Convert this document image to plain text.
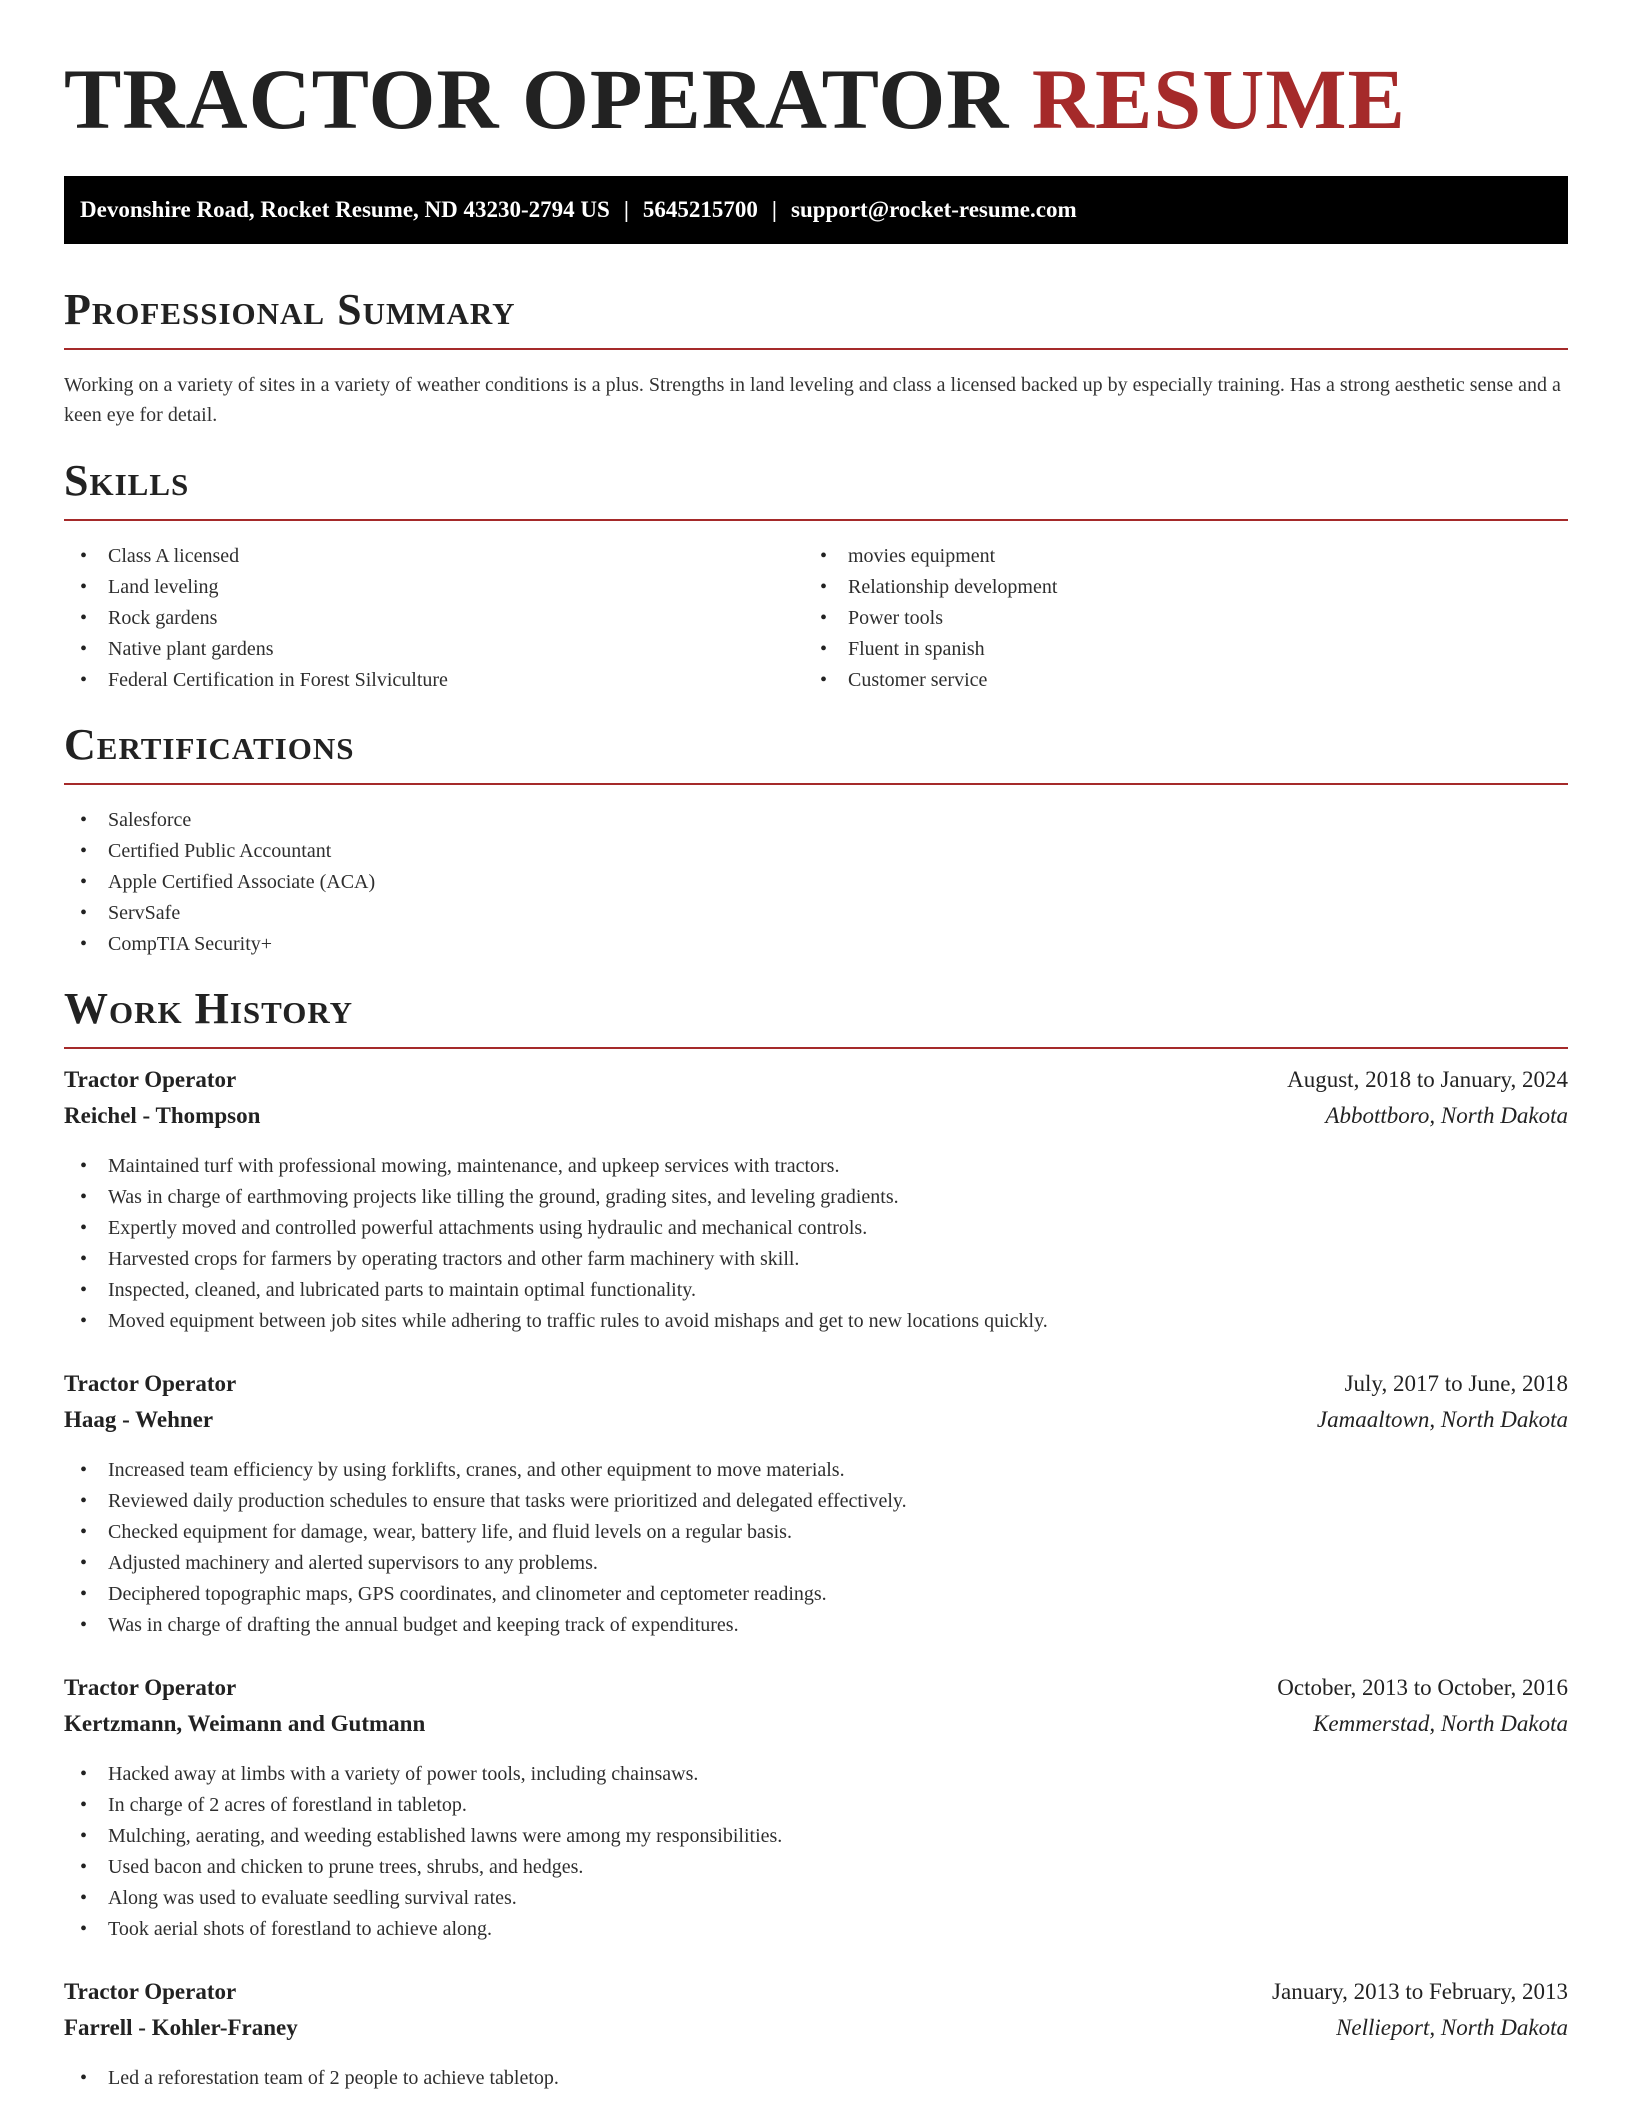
TRACTOR OPERATOR RESUME
Devonshire Road, Rocket Resume, ND 43230-2794 US | 5645215700 | support@rocket-resume.com
Professional Summary

Working on a variety of sites in a variety of weather conditions is a plus. Strengths in land leveling and class a licensed backed up by especially training. Has a strong aesthetic sense and a keen eye for detail.

Skills
• Class A licensed
• Land leveling
• Rock gardens
• Native plant gardens
• Federal Certification in Forest Silviculture
• movies equipment
• Relationship development
• Power tools
• Fluent in spanish
• Customer service
Certifications
• Salesforce
• Certified Public Accountant
• Apple Certified Associate (ACA)
• ServSafe
• CompTIA Security+
Work History
Tractor Operator	August, 2018 to January, 2024
Reichel - Thompson	Abbottboro, North Dakota
• Maintained turf with professional mowing, maintenance, and upkeep services with tractors.
• Was in charge of earthmoving projects like tilling the ground, grading sites, and leveling gradients.
• Expertly moved and controlled powerful attachments using hydraulic and mechanical controls.
• Harvested crops for farmers by operating tractors and other farm machinery with skill.
• Inspected, cleaned, and lubricated parts to maintain optimal functionality.
• Moved equipment between job sites while adhering to traffic rules to avoid mishaps and get to new locations quickly.
Tractor Operator	July, 2017 to June, 2018
Haag - Wehner	Jamaaltown, North Dakota
• Increased team efficiency by using forklifts, cranes, and other equipment to move materials.
• Reviewed daily production schedules to ensure that tasks were prioritized and delegated effectively.
• Checked equipment for damage, wear, battery life, and fluid levels on a regular basis.
• Adjusted machinery and alerted supervisors to any problems.
• Deciphered topographic maps, GPS coordinates, and clinometer and ceptometer readings.
• Was in charge of drafting the annual budget and keeping track of expenditures.
Tractor Operator	October, 2013 to October, 2016
Kertzmann, Weimann and Gutmann	Kemmerstad, North Dakota
• Hacked away at limbs with a variety of power tools, including chainsaws.
• In charge of 2 acres of forestland in tabletop.
• Mulching, aerating, and weeding established lawns were among my responsibilities.
• Used bacon and chicken to prune trees, shrubs, and hedges.
• Along was used to evaluate seedling survival rates.
• Took aerial shots of forestland to achieve along.
Tractor Operator	January, 2013 to February, 2013
Farrell - Kohler-Franey	Nellieport, North Dakota
• Led a reforestation team of 2 people to achieve tabletop.
